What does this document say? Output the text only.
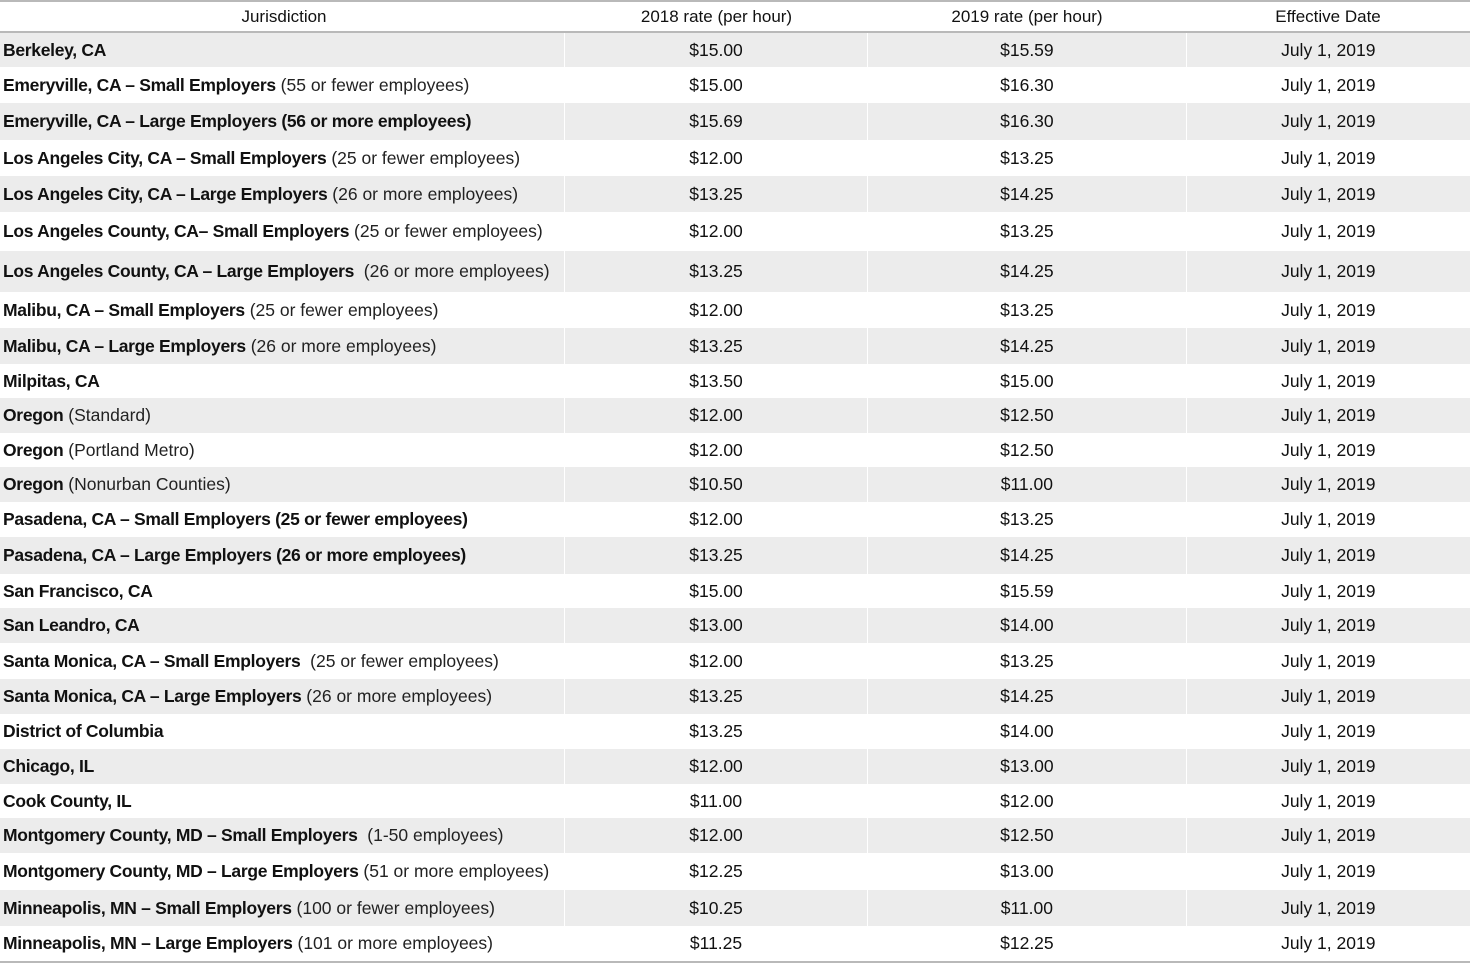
Jurisdiction	2018 rate (per hour)	2019 rate (per hour)	Effective Date
Berkeley, CA	$15.00	$15.59	July 1, 2019
Emeryville, CA – Small Employers (55 or fewer employees)	$15.00	$16.30	July 1, 2019
Emeryville, CA – Large Employers (56 or more employees)	$15.69	$16.30	July 1, 2019
Los Angeles City, CA – Small Employers (25 or fewer employees)	$12.00	$13.25	July 1, 2019
Los Angeles City, CA – Large Employers (26 or more employees)	$13.25	$14.25	July 1, 2019
Los Angeles County, CA– Small Employers (25 or fewer employees)	$12.00	$13.25	July 1, 2019
Los Angeles County, CA – Large Employers  (26 or more employees)	$13.25	$14.25	July 1, 2019
Malibu, CA – Small Employers (25 or fewer employees)	$12.00	$13.25	July 1, 2019
Malibu, CA – Large Employers (26 or more employees)	$13.25	$14.25	July 1, 2019
Milpitas, CA	$13.50	$15.00	July 1, 2019
Oregon (Standard)	$12.00	$12.50	July 1, 2019
Oregon (Portland Metro)	$12.00	$12.50	July 1, 2019
Oregon (Nonurban Counties)	$10.50	$11.00	July 1, 2019
Pasadena, CA – Small Employers (25 or fewer employees)	$12.00	$13.25	July 1, 2019
Pasadena, CA – Large Employers (26 or more employees)	$13.25	$14.25	July 1, 2019
San Francisco, CA	$15.00	$15.59	July 1, 2019
San Leandro, CA	$13.00	$14.00	July 1, 2019
Santa Monica, CA – Small Employers  (25 or fewer employees)	$12.00	$13.25	July 1, 2019
Santa Monica, CA – Large Employers (26 or more employees)	$13.25	$14.25	July 1, 2019
District of Columbia	$13.25	$14.00	July 1, 2019
Chicago, IL	$12.00	$13.00	July 1, 2019
Cook County, IL	$11.00	$12.00	July 1, 2019
Montgomery County, MD – Small Employers  (1-50 employees)	$12.00	$12.50	July 1, 2019
Montgomery County, MD – Large Employers (51 or more employees)	$12.25	$13.00	July 1, 2019
Minneapolis, MN – Small Employers (100 or fewer employees)	$10.25	$11.00	July 1, 2019
Minneapolis, MN – Large Employers (101 or more employees)	$11.25	$12.25	July 1, 2019
